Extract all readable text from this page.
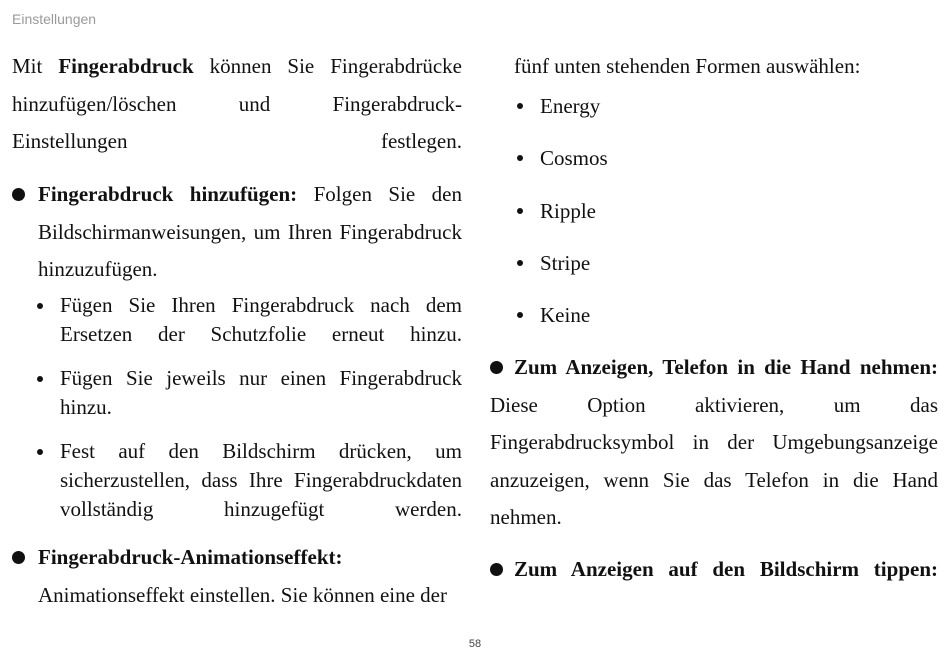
Einstellungen

Mit Fingerabdruck können Sie Fingerabdrücke hinzufügen/löschen und Fingerabdruck-Einstellungen festlegen.

Fingerabdruck hinzufügen: Folgen Sie den Bildschirmanweisungen, um Ihren Fingerabdruck hinzuzufügen.

Fügen Sie Ihren Fingerabdruck nach dem Ersetzen der Schutzfolie erneut hinzu.

Fügen Sie jeweils nur einen Fingerabdruck hinzu.

Fest auf den Bildschirm drücken, um sicherzustellen, dass Ihre Fingerabdruckdaten vollständig hinzugefügt werden.

Fingerabdruck-Animationseffekt:

Animationseffekt einstellen. Sie können eine der

fünf unten stehenden Formen auswählen:

Energy
Cosmos
Ripple
Stripe
Keine

Zum Anzeigen, Telefon in die Hand nehmen:

Diese Option aktivieren, um das Fingerabdrucksymbol in der Umgebungsanzeige anzuzeigen, wenn Sie das Telefon in die Hand nehmen.

Zum Anzeigen auf den Bildschirm tippen:

58
